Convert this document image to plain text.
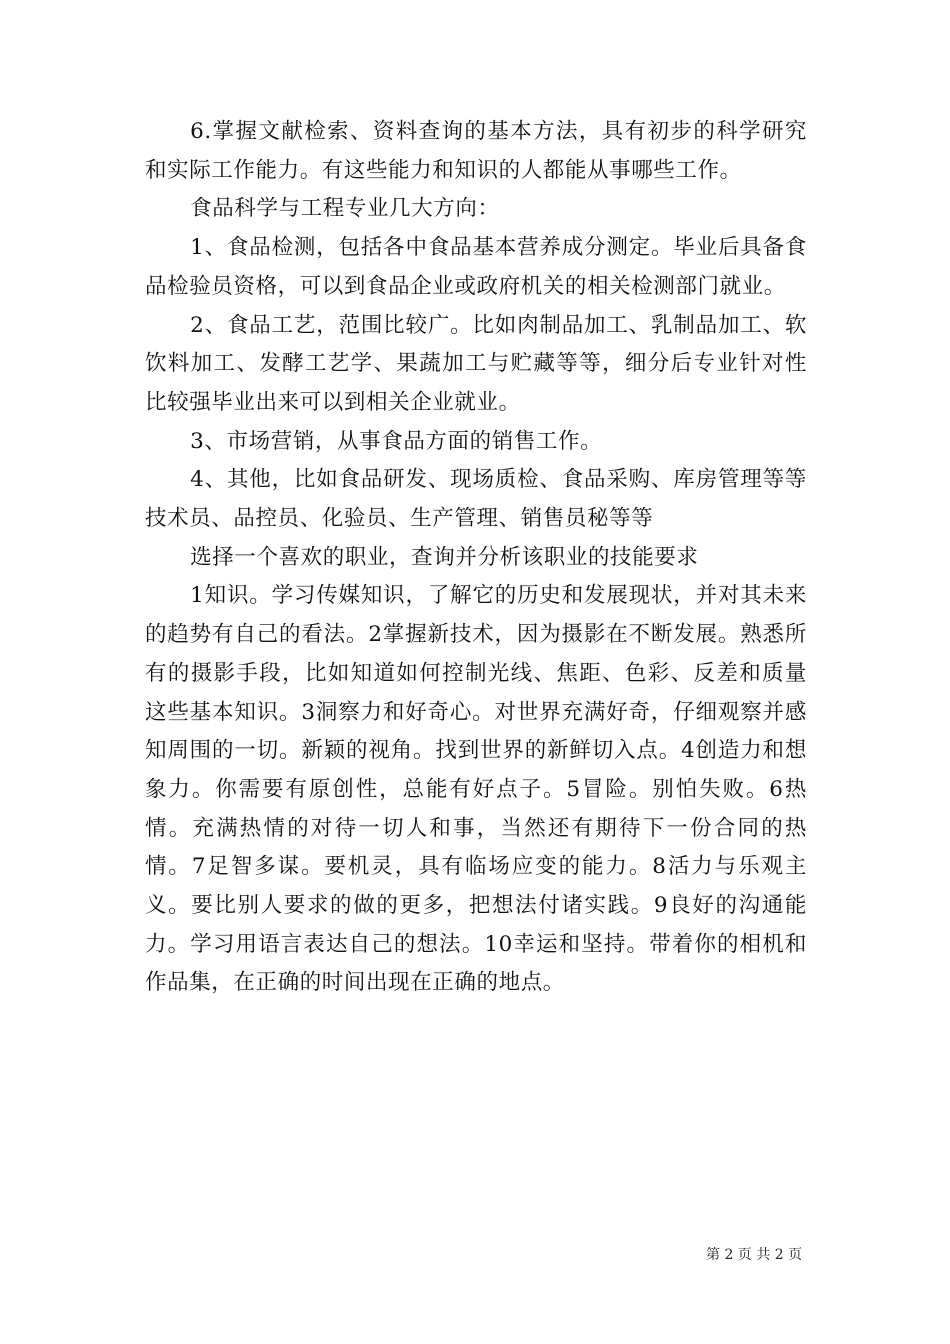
6.掌握文献检索、资料查询的基本方法，具有初步的科学研究和实际工作能力。有这些能力和知识的人都能从事哪些工作。

食品科学与工程专业几大方向：

1、食品检测，包括各中食品基本营养成分测定。毕业后具备食品检验员资格，可以到食品企业或政府机关的相关检测部门就业。

2、食品工艺，范围比较广。比如肉制品加工、乳制品加工、软饮料加工、发酵工艺学、果蔬加工与贮藏等等，细分后专业针对性比较强毕业出来可以到相关企业就业。

3、市场营销，从事食品方面的销售工作。

4、其他，比如食品研发、现场质检、食品采购、库房管理等等技术员、品控员、化验员、生产管理、销售员秘等等

选择一个喜欢的职业，查询并分析该职业的技能要求

1知识。学习传媒知识，了解它的历史和发展现状，并对其未来的趋势有自己的看法。2掌握新技术，因为摄影在不断发展。熟悉所有的摄影手段，比如知道如何控制光线、焦距、色彩、反差和质量这些基本知识。3洞察力和好奇心。对世界充满好奇，仔细观察并感知周围的一切。新颖的视角。找到世界的新鲜切入点。4创造力和想象力。你需要有原创性，总能有好点子。5冒险。别怕失败。6热情。充满热情的对待一切人和事，当然还有期待下一份合同的热情。7足智多谋。要机灵，具有临场应变的能力。8活力与乐观主义。要比别人要求的做的更多，把想法付诸实践。9良好的沟通能力。学习用语言表达自己的想法。10幸运和坚持。带着你的相机和作品集，在正确的时间出现在正确的地点。

第 2 页 共 2 页
